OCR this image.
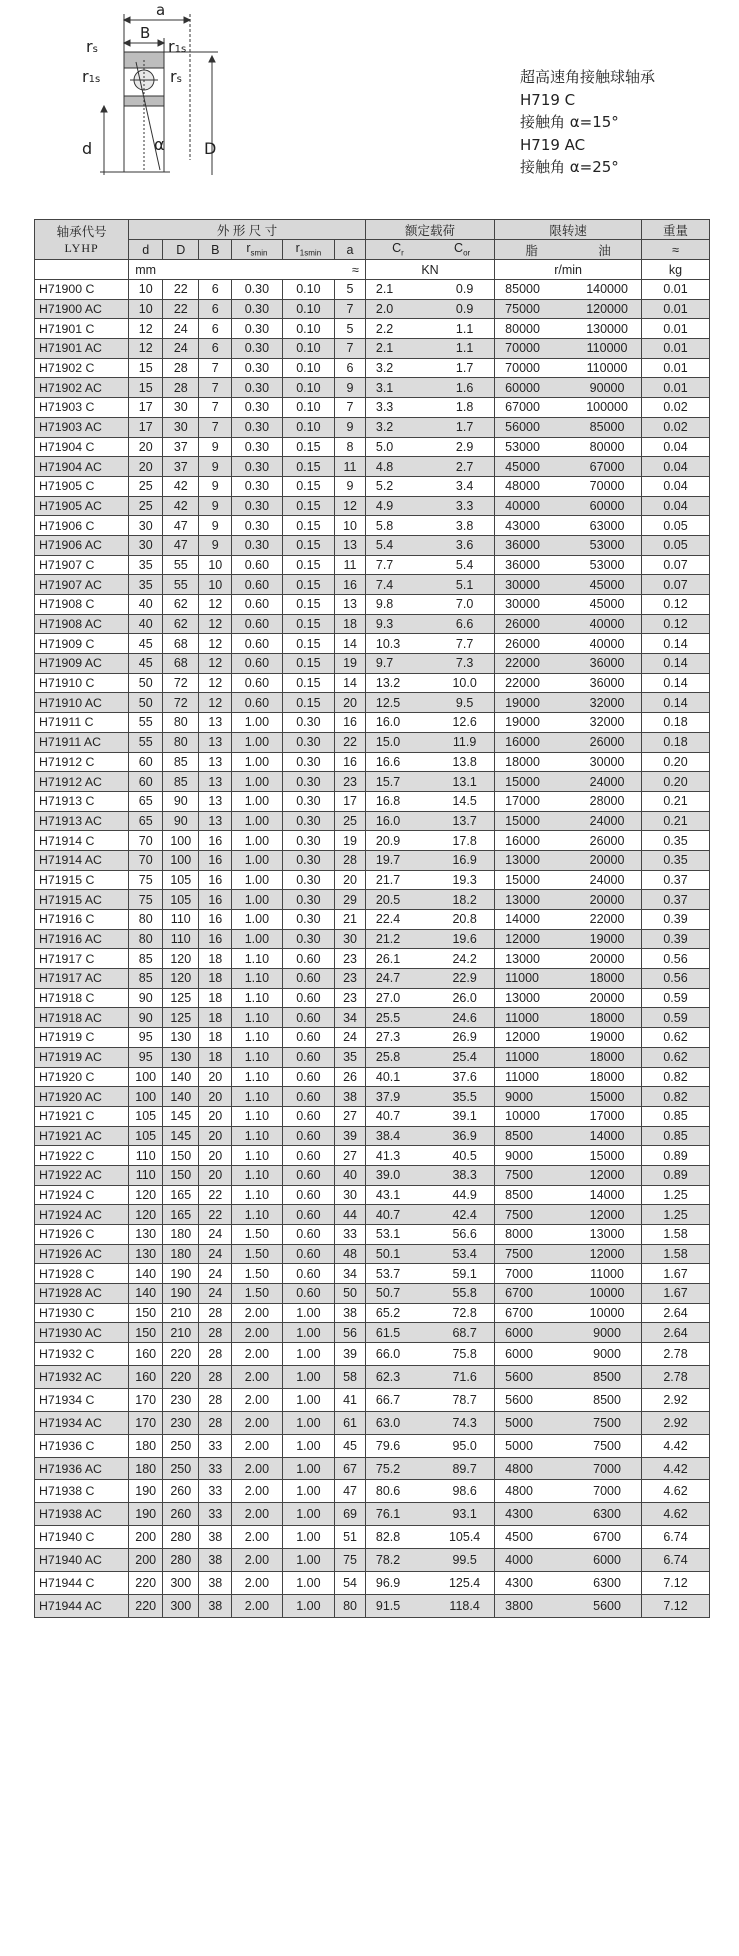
a
B
rs	r1s
r1s	rs
d	D
α
超高速角接触球轴承
H719 C
接触角 α=15°
H719 AC
接触角 α=25°
轴承代号
LYHP	外 形 尺 寸						额定载荷	限转速	重量
	d	D	B	$r_{smin}$	$r_{1smin}$	a	$C_r$ $C_{or}$	脂 油	≈

	mm ≈						KN	r/min	kg
H71900 C	10	22	6	0.30	0.10	5	2.1 0.9	85000 140000	0.01
H71900 AC	10	22	6	0.30	0.10	7	2.0 0.9	75000 120000	0.01
H71901 C	12	24	6	0.30	0.10	5	2.2 1.1	80000 130000	0.01
H71901 AC	12	24	6	0.30	0.10	7	2.1 1.1	70000 110000	0.01
H71902 C	15	28	7	0.30	0.10	6	3.2 1.7	70000 110000	0.01
H71902 AC	15	28	7	0.30	0.10	9	3.1 1.6	60000 90000	0.01
H71903 C	17	30	7	0.30	0.10	7	3.3 1.8	67000 100000	0.02
H71903 AC	17	30	7	0.30	0.10	9	3.2 1.7	56000 85000	0.02
H71904 C	20	37	9	0.30	0.15	8	5.0 2.9	53000 80000	0.04
H71904 AC	20	37	9	0.30	0.15	11	4.8 2.7	45000 67000	0.04
H71905 C	25	42	9	0.30	0.15	9	5.2 3.4	48000 70000	0.04
H71905 AC	25	42	9	0.30	0.15	12	4.9 3.3	40000 60000	0.04
H71906 C	30	47	9	0.30	0.15	10	5.8 3.8	43000 63000	0.05
H71906 AC	30	47	9	0.30	0.15	13	5.4 3.6	36000 53000	0.05
H71907 C	35	55	10	0.60	0.15	11	7.7 5.4	36000 53000	0.07
H71907 AC	35	55	10	0.60	0.15	16	7.4 5.1	30000 45000	0.07
H71908 C	40	62	12	0.60	0.15	13	9.8 7.0	30000 45000	0.12
H71908 AC	40	62	12	0.60	0.15	18	9.3 6.6	26000 40000	0.12
H71909 C	45	68	12	0.60	0.15	14	10.3 7.7	26000 40000	0.14
H71909 AC	45	68	12	0.60	0.15	19	9.7 7.3	22000 36000	0.14
H71910 C	50	72	12	0.60	0.15	14	13.2 10.0	22000 36000	0.14
H71910 AC	50	72	12	0.60	0.15	20	12.5 9.5	19000 32000	0.14
H71911 C	55	80	13	1.00	0.30	16	16.0 12.6	19000 32000	0.18
H71911 AC	55	80	13	1.00	0.30	22	15.0 11.9	16000 26000	0.18
H71912 C	60	85	13	1.00	0.30	16	16.6 13.8	18000 30000	0.20
H71912 AC	60	85	13	1.00	0.30	23	15.7 13.1	15000 24000	0.20
H71913 C	65	90	13	1.00	0.30	17	16.8 14.5	17000 28000	0.21
H71913 AC	65	90	13	1.00	0.30	25	16.0 13.7	15000 24000	0.21
H71914 C	70	100	16	1.00	0.30	19	20.9 17.8	16000 26000	0.35
H71914 AC	70	100	16	1.00	0.30	28	19.7 16.9	13000 20000	0.35
H71915 C	75	105	16	1.00	0.30	20	21.7 19.3	15000 24000	0.37
H71915 AC	75	105	16	1.00	0.30	29	20.5 18.2	13000 20000	0.37
H71916 C	80	110	16	1.00	0.30	21	22.4 20.8	14000 22000	0.39
H71916 AC	80	110	16	1.00	0.30	30	21.2 19.6	12000 19000	0.39
H71917 C	85	120	18	1.10	0.60	23	26.1 24.2	13000 20000	0.56
H71917 AC	85	120	18	1.10	0.60	23	24.7 22.9	11000 18000	0.56
H71918 C	90	125	18	1.10	0.60	23	27.0 26.0	13000 20000	0.59
H71918 AC	90	125	18	1.10	0.60	34	25.5 24.6	11000 18000	0.59
H71919 C	95	130	18	1.10	0.60	24	27.3 26.9	12000 19000	0.62
H71919 AC	95	130	18	1.10	0.60	35	25.8 25.4	11000 18000	0.62
H71920 C	100	140	20	1.10	0.60	26	40.1 37.6	11000 18000	0.82
H71920 AC	100	140	20	1.10	0.60	38	37.9 35.5	9000 15000	0.82
H71921 C	105	145	20	1.10	0.60	27	40.7 39.1	10000 17000	0.85
H71921 AC	105	145	20	1.10	0.60	39	38.4 36.9	8500 14000	0.85
H71922 C	110	150	20	1.10	0.60	27	41.3 40.5	9000 15000	0.89
H71922 AC	110	150	20	1.10	0.60	40	39.0 38.3	7500 12000	0.89
H71924 C	120	165	22	1.10	0.60	30	43.1 44.9	8500 14000	1.25
H71924 AC	120	165	22	1.10	0.60	44	40.7 42.4	7500 12000	1.25
H71926 C	130	180	24	1.50	0.60	33	53.1 56.6	8000 13000	1.58
H71926 AC	130	180	24	1.50	0.60	48	50.1 53.4	7500 12000	1.58
H71928 C	140	190	24	1.50	0.60	34	53.7 59.1	7000 11000	1.67
H71928 AC	140	190	24	1.50	0.60	50	50.7 55.8	6700 10000	1.67
H71930 C	150	210	28	2.00	1.00	38	65.2 72.8	6700 10000	2.64
H71930 AC	150	210	28	2.00	1.00	56	61.5 68.7	6000 9000	2.64
H71932 C	160	220	28	2.00	1.00	39	66.0 75.8	6000 9000	2.78
H71932 AC	160	220	28	2.00	1.00	58	62.3 71.6	5600 8500	2.78
H71934 C	170	230	28	2.00	1.00	41	66.7 78.7	5600 8500	2.92
H71934 AC	170	230	28	2.00	1.00	61	63.0 74.3	5000 7500	2.92
H71936 C	180	250	33	2.00	1.00	45	79.6 95.0	5000 7500	4.42
H71936 AC	180	250	33	2.00	1.00	67	75.2 89.7	4800 7000	4.42
H71938 C	190	260	33	2.00	1.00	47	80.6 98.6	4800 7000	4.62
H71938 AC	190	260	33	2.00	1.00	69	76.1 93.1	4300 6300	4.62
H71940 C	200	280	38	2.00	1.00	51	82.8 105.4	4500 6700	6.74
H71940 AC	200	280	38	2.00	1.00	75	78.2 99.5	4000 6000	6.74
H71944 C	220	300	38	2.00	1.00	54	96.9 125.4	4300 6300	7.12
H71944 AC	220	300	38	2.00	1.00	80	91.5 118.4	3800 5600	7.12
